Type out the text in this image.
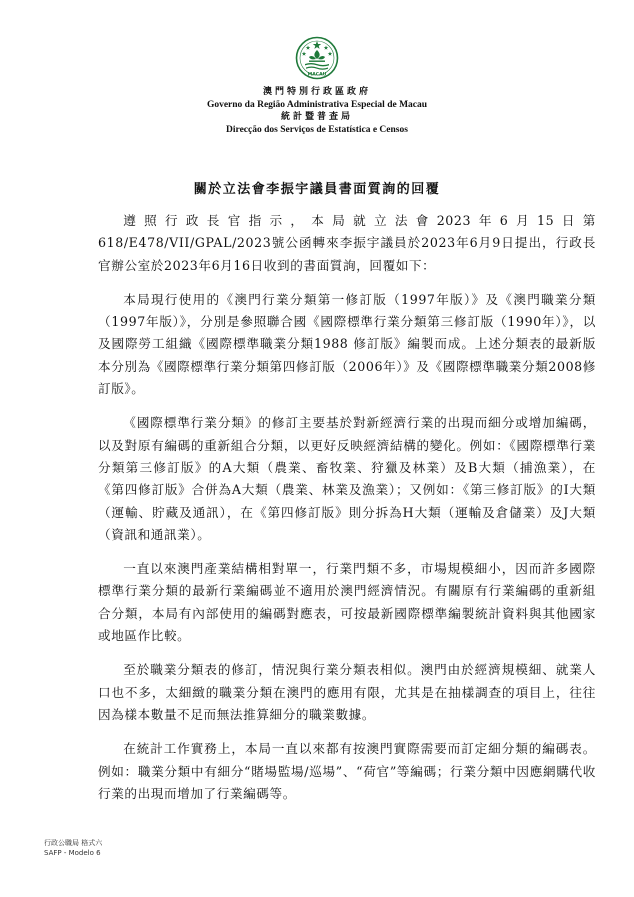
MACAU
澳門特別行政區政府
Governo da Região Administrativa Especial de Macau
統計暨普查局
Direcção dos Serviços de Estatística e Censos
關於立法會李振宇議員書面質詢的回覆

遵照行政長官指示，本局就立法會2023年6月15日第618/E478/VII/GPAL/2023號公函轉來李振宇議員於2023年6月9日提出，行政長官辦公室於2023年6月16日收到的書面質詢，回覆如下：

本局現行使用的《澳門行業分類第一修訂版（1997年版）》及《澳門職業分類（1997年版）》，分別是參照聯合國《國際標準行業分類第三修訂版（1990年）》，以及國際勞工組織《國際標準職業分類1988 修訂版》編製而成。上述分類表的最新版本分別為《國際標準行業分類第四修訂版（2006年）》及《國際標準職業分類2008修訂版》。

《國際標準行業分類》的修訂主要基於對新經濟行業的出現而細分或增加編碼，以及對原有編碼的重新組合分類，以更好反映經濟結構的變化。例如：《國際標準行業分類第三修訂版》的A大類（農業、畜牧業、狩獵及林業）及B大類（捕漁業），在《第四修訂版》合併為A大類（農業、林業及漁業）；又例如：《第三修訂版》的I大類（運輸、貯藏及通訊），在《第四修訂版》則分拆為H大類（運輸及倉儲業）及J大類（資訊和通訊業）。

一直以來澳門產業結構相對單一，行業門類不多，市場規模細小，因而許多國際標準行業分類的最新行業編碼並不適用於澳門經濟情況。有關原有行業編碼的重新組合分類，本局有內部使用的編碼對應表，可按最新國際標準編製統計資料與其他國家或地區作比較。

至於職業分類表的修訂，情況與行業分類表相似。澳門由於經濟規模細、就業人口也不多，太細緻的職業分類在澳門的應用有限，尤其是在抽樣調查的項目上，往往因為樣本數量不足而無法推算細分的職業數據。

在統計工作實務上，本局一直以來都有按澳門實際需要而訂定細分類的編碼表。例如：職業分類中有細分“賭場監場/巡場”、“荷官”等編碼；行業分類中因應網購代收行業的出現而增加了行業編碼等。

行政公職局 格式六
SAFP - Modelo 6
